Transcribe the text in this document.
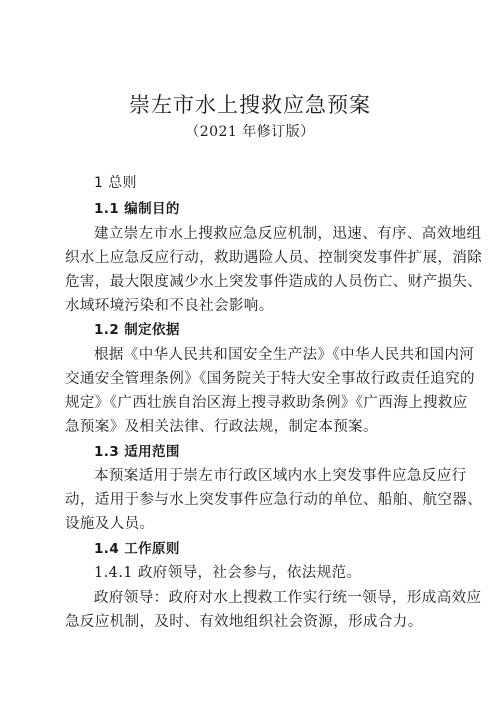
崇左市水上搜救应急预案
（2021 年修订版）
1 总则
1.1 编制目的
建立崇左市水上搜救应急反应机制，迅速、有序、高效地组
织水上应急反应行动，救助遇险人员、控制突发事件扩展，消除
危害，最大限度减少水上突发事件造成的人员伤亡、财产损失、
水域环境污染和不良社会影响。
1.2 制定依据
根据《中华人民共和国安全生产法》《中华人民共和国内河
交通安全管理条例》《国务院关于特大安全事故行政责任追究的
规定》《广西壮族自治区海上搜寻救助条例》《广西海上搜救应
急预案》及相关法律、行政法规，制定本预案。
1.3 适用范围
本预案适用于崇左市行政区域内水上突发事件应急反应行
动，适用于参与水上突发事件应急行动的单位、船舶、航空器、
设施及人员。
1.4 工作原则
1.4.1 政府领导，社会参与，依法规范。
政府领导：政府对水上搜救工作实行统一领导，形成高效应
急反应机制，及时、有效地组织社会资源，形成合力。
